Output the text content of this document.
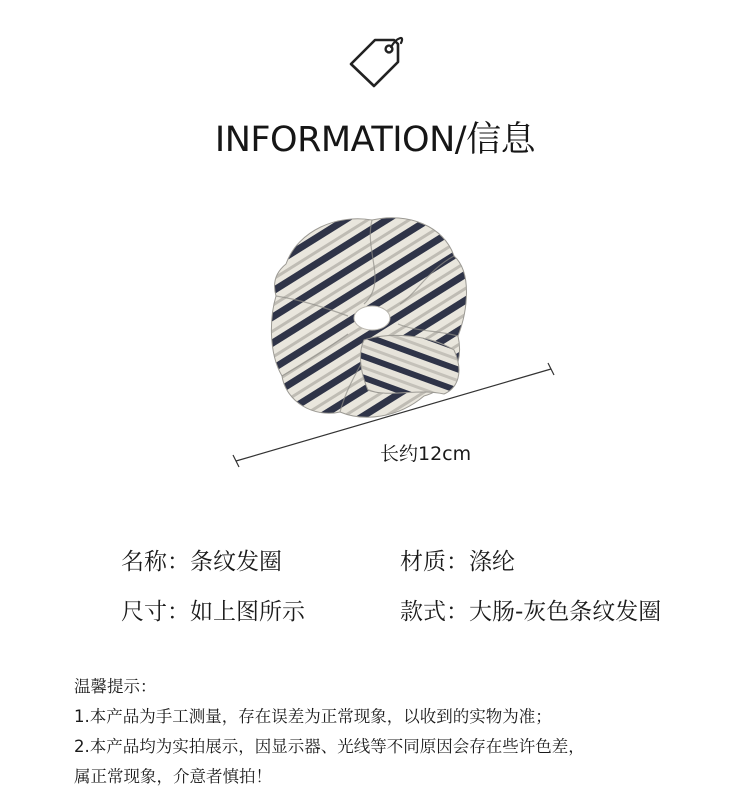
INFORMATION/信息
长约12cm
名称：条纹发圈	材质：涤纶
尺寸：如上图所示	款式：大肠-灰色条纹发圈
温馨提示：
1.本产品为手工测量，存在误差为正常现象，以收到的实物为准；
2.本产品均为实拍展示，因显示器、光线等不同原因会存在些许色差，
属正常现象，介意者慎拍！
